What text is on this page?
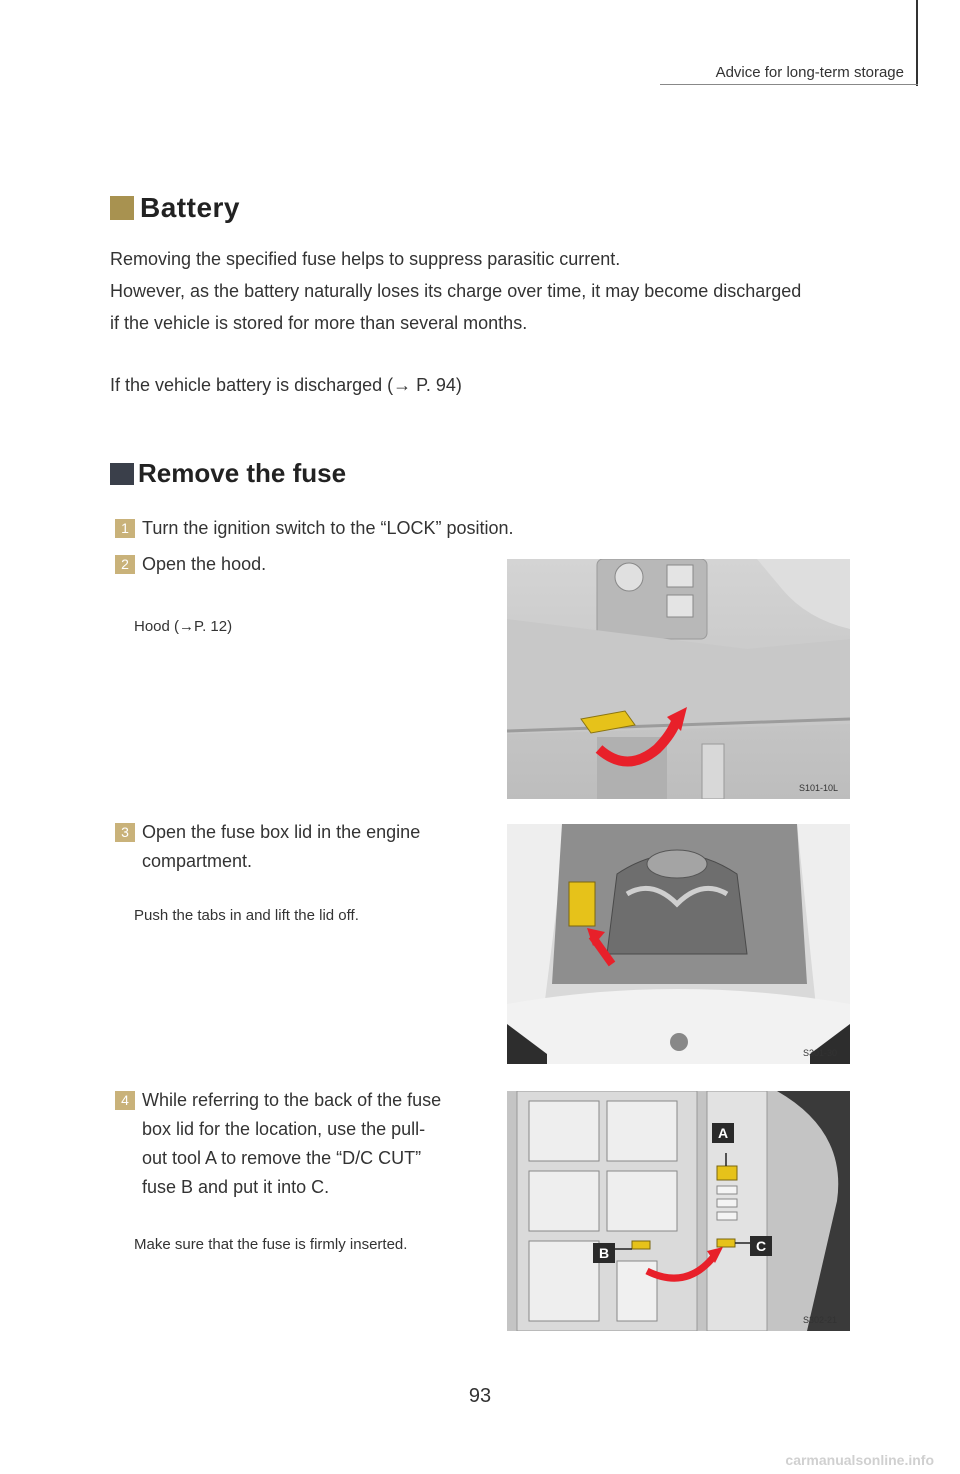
Advice for long-term storage
Battery
Removing the specified fuse helps to suppress parasitic current.
However, as the battery naturally loses its charge over time, it may become discharged
if the vehicle is stored for more than several months.
If the vehicle battery is discharged (→ P. 94)
Remove the fuse
1 Turn the ignition switch to the “LOCK” position.
2 Open the hood.
Hood (→P. 12)
S101-10L
3 Open the fuse box lid in the engine
compartment.
Push the tabs in and lift the lid off.
S301-30
4 While referring to the back of the fuse
box lid for the location, use the pull-
out tool A to remove the “D/C CUT”
fuse B and put it into C.
Make sure that the fuse is firmly inserted.
A
B	C
S302-21
93
carmanualsonline.info
